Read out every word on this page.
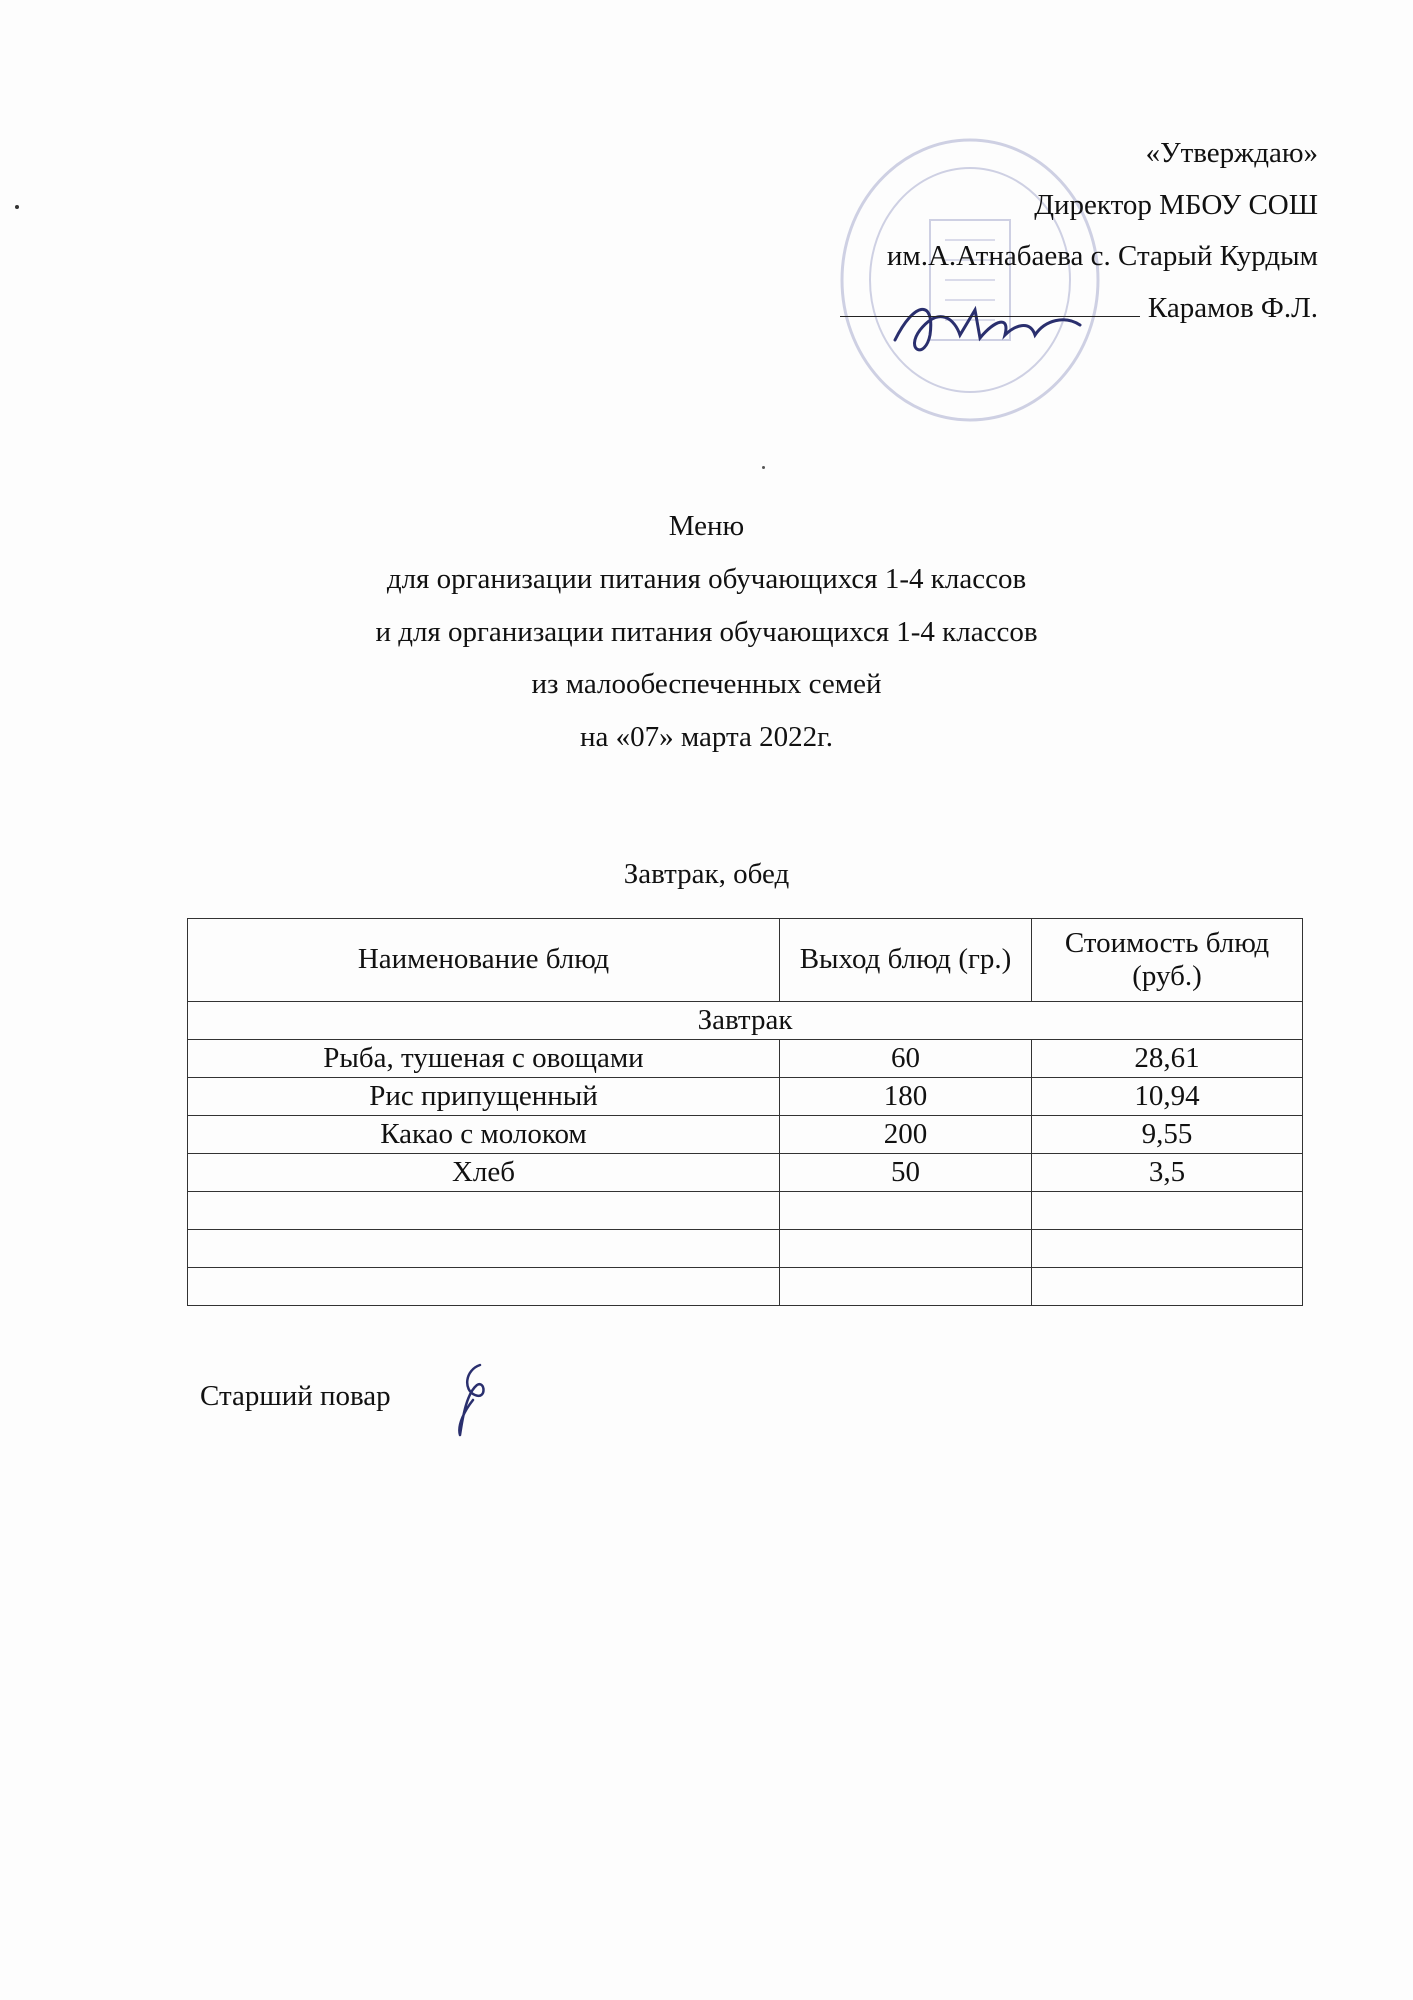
«Утверждаю»
Директор МБОУ СОШ
им.А.Атнабаева с. Старый Курдым
Карамов Ф.Л.
Меню
для организации питания обучающихся 1-4 классов
и для организации питания обучающихся 1-4 классов
из малообеспеченных семей
на «07» марта 2022г.
Завтрак, обед
Наименование блюд	Выход блюд (гр.)	Стоимость блюд (руб.)
Завтрак		
Рыба, тушеная с овощами	60	28,61
Рис припущенный	180	10,94
Какао с молоком	200	9,55
Хлеб	50	3,5

Старший повар
